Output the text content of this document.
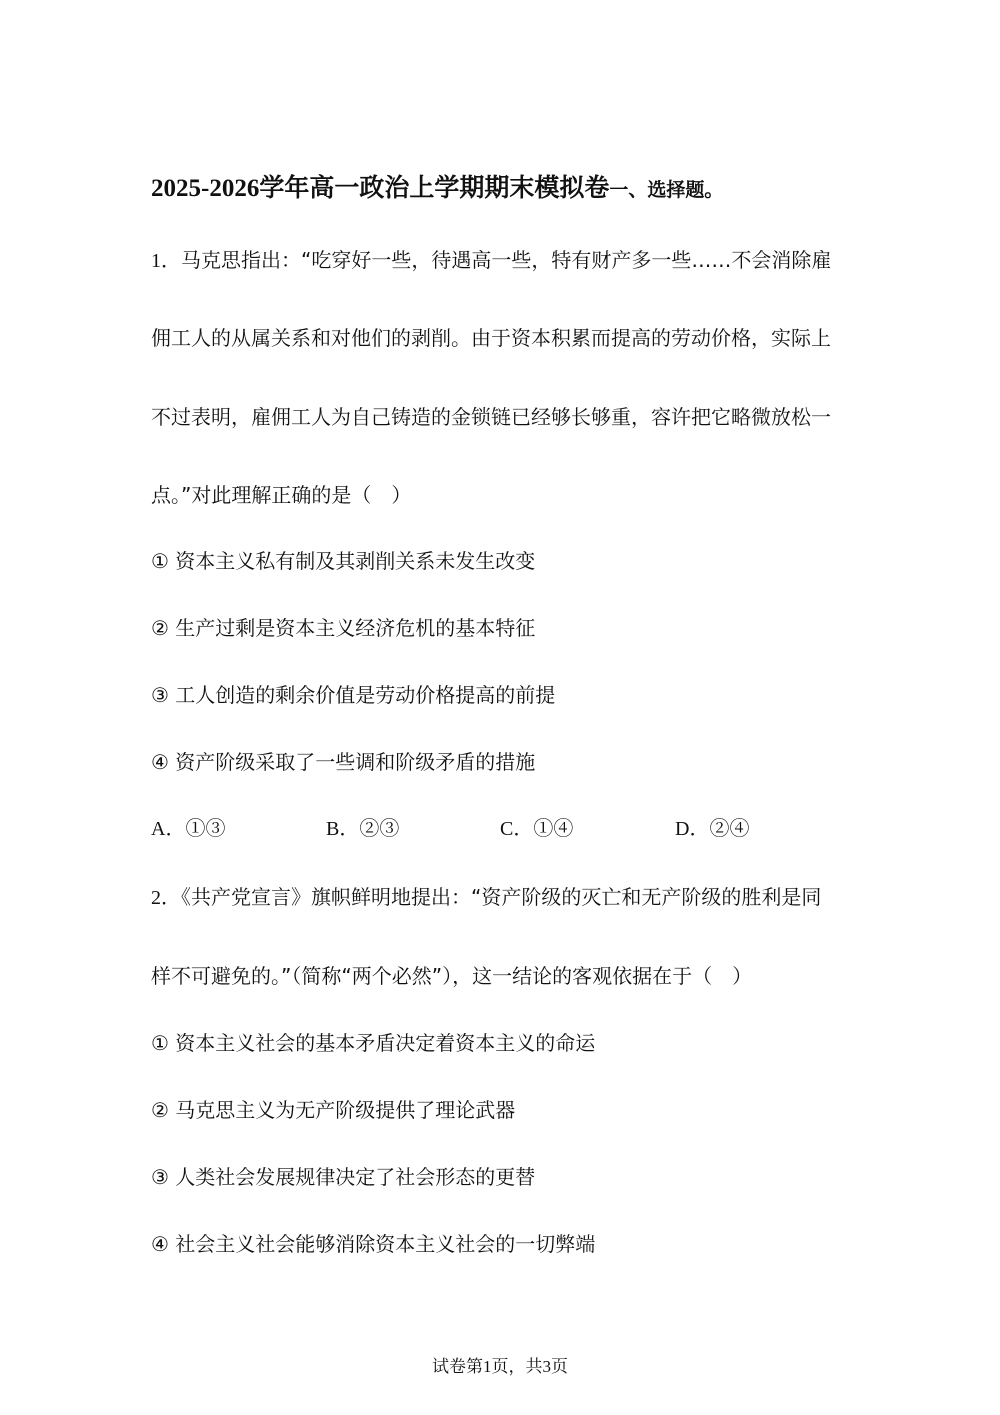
2025-2026学年高一政治上学期期末模拟卷一、选择题。
1．马克思指出：“吃穿好一些，待遇高一些，特有财产多一些……不会消除雇
佣工人的从属关系和对他们的剥削。由于资本积累而提高的劳动价格，实际上
不过表明，雇佣工人为自己铸造的金锁链已经够长够重，容许把它略微放松一
点。”对此理解正确的是（　）
① 资本主义私有制及其剥削关系未发生改变
② 生产过剩是资本主义经济危机的基本特征
③ 工人创造的剩余价值是劳动价格提高的前提
④ 资产阶级采取了一些调和阶级矛盾的措施
A．①③	B．②③	C．①④	D．②④
2．《共产党宣言》旗帜鲜明地提出：“资产阶级的灭亡和无产阶级的胜利是同
样不可避免的。”（简称“两个必然”），这一结论的客观依据在于（　）
① 资本主义社会的基本矛盾决定着资本主义的命运
② 马克思主义为无产阶级提供了理论武器
③ 人类社会发展规律决定了社会形态的更替
④ 社会主义社会能够消除资本主义社会的一切弊端
试卷第1页，共3页
